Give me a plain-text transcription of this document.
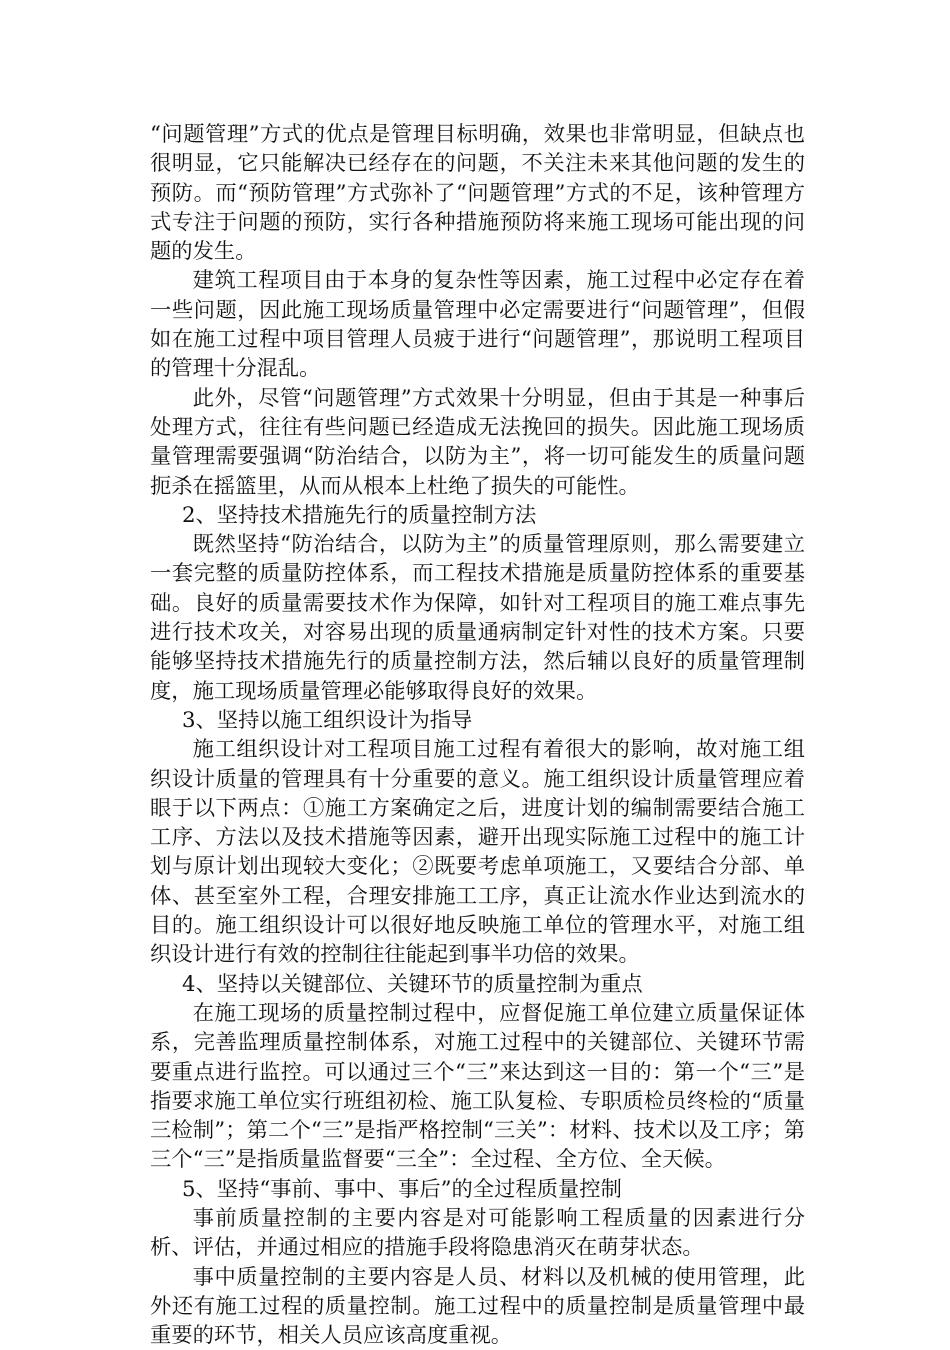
“问题管理”方式的优点是管理目标明确，效果也非常明显，但缺点也很明显，它只能解决已经存在的问题，不关注未来其他问题的发生的预防。而“预防管理”方式弥补了“问题管理”方式的不足，该种管理方式专注于问题的预防，实行各种措施预防将来施工现场可能出现的问题的发生。

建筑工程项目由于本身的复杂性等因素，施工过程中必定存在着一些问题，因此施工现场质量管理中必定需要进行“问题管理”，但假如在施工过程中项目管理人员疲于进行“问题管理”，那说明工程项目的管理十分混乱。

此外，尽管“问题管理”方式效果十分明显，但由于其是一种事后处理方式，往往有些问题已经造成无法挽回的损失。因此施工现场质量管理需要强调“防治结合，以防为主”，将一切可能发生的质量问题扼杀在摇篮里，从而从根本上杜绝了损失的可能性。

2、坚持技术措施先行的质量控制方法

既然坚持“防治结合，以防为主”的质量管理原则，那么需要建立一套完整的质量防控体系，而工程技术措施是质量防控体系的重要基础。良好的质量需要技术作为保障，如针对工程项目的施工难点事先进行技术攻关，对容易出现的质量通病制定针对性的技术方案。只要能够坚持技术措施先行的质量控制方法，然后辅以良好的质量管理制度，施工现场质量管理必能够取得良好的效果。

3、坚持以施工组织设计为指导

施工组织设计对工程项目施工过程有着很大的影响，故对施工组织设计质量的管理具有十分重要的意义。施工组织设计质量管理应着眼于以下两点：①施工方案确定之后，进度计划的编制需要结合施工工序、方法以及技术措施等因素，避开出现实际施工过程中的施工计划与原计划出现较大变化；②既要考虑单项施工，又要结合分部、单体、甚至室外工程，合理安排施工工序，真正让流水作业达到流水的目的。施工组织设计可以很好地反映施工单位的管理水平，对施工组织设计进行有效的控制往往能起到事半功倍的效果。

4、坚持以关键部位、关键环节的质量控制为重点

在施工现场的质量控制过程中，应督促施工单位建立质量保证体系，完善监理质量控制体系，对施工过程中的关键部位、关键环节需要重点进行监控。可以通过三个“三”来达到这一目的：第一个“三”是指要求施工单位实行班组初检、施工队复检、专职质检员终检的“质量三检制”；第二个“三”是指严格控制“三关”：材料、技术以及工序；第三个“三”是指质量监督要“三全”：全过程、全方位、全天候。

5、坚持“事前、事中、事后”的全过程质量控制

事前质量控制的主要内容是对可能影响工程质量的因素进行分析、评估，并通过相应的措施手段将隐患消灭在萌芽状态。

事中质量控制的主要内容是人员、材料以及机械的使用管理，此外还有施工过程的质量控制。施工过程中的质量控制是质量管理中最重要的环节，相关人员应该高度重视。
